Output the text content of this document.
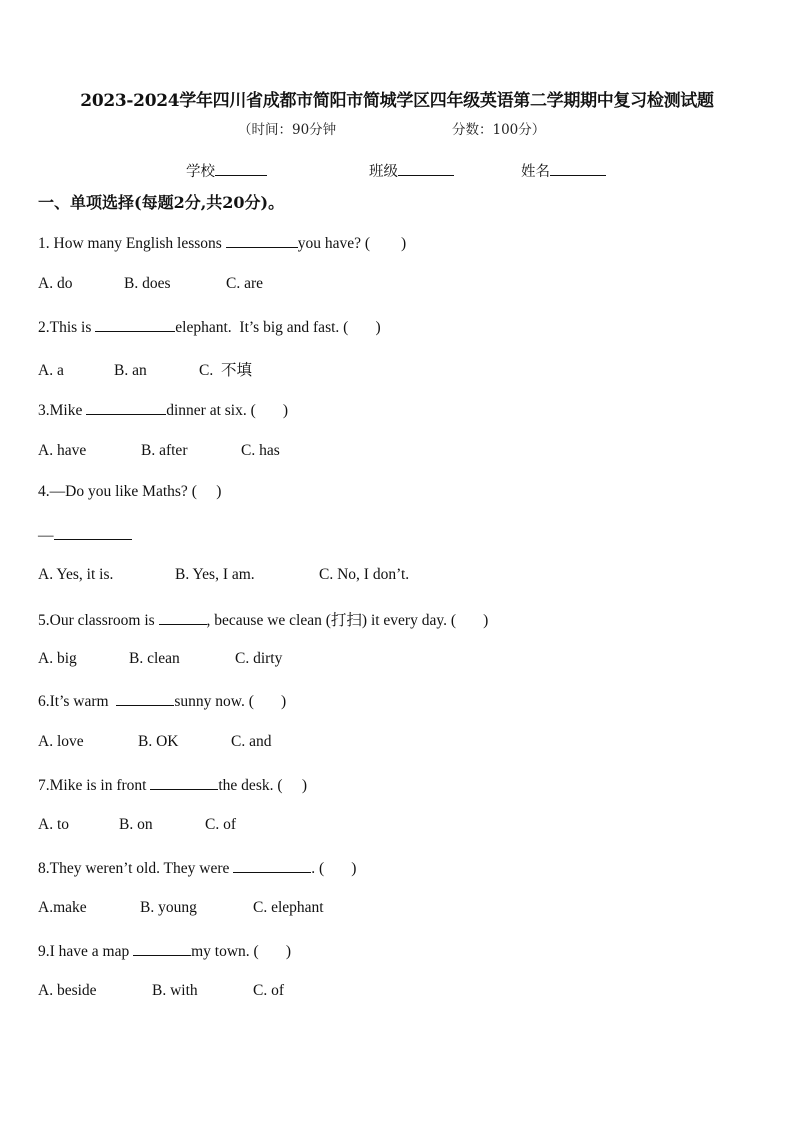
2023-2024学年四川省成都市简阳市简城学区四年级英语第二学期期中复习检测试题
（时间：90分钟	分数：100分）
学校	班级	姓名
一、单项选择(每题2分,共20分)。
1. How many English lessons	you have? (        )
A. do	B. does	C. are
2.This is	elephant.  It’s big and fast. (       )
A. a	B. an	C.  不填
3.Mike	dinner at six. (       )
A. have	B. after	C. has
4.—Do you like Maths? (     )
—
A. Yes, it is.	B. Yes, I am.	C. No, I don’t.
5.Our classroom is	, because we clean (打扫) it every day. (       )
A. big	B. clean	C. dirty
6.It’s warm	sunny now. (       )
A. love	B. OK	C. and
7.Mike is in front	the desk. (     )
A. to	B. on	C. of
8.They weren’t old. They were	. (       )
A.make	B. young	C. elephant
9.I have a map	my town. (       )
A. beside	B. with	C. of
